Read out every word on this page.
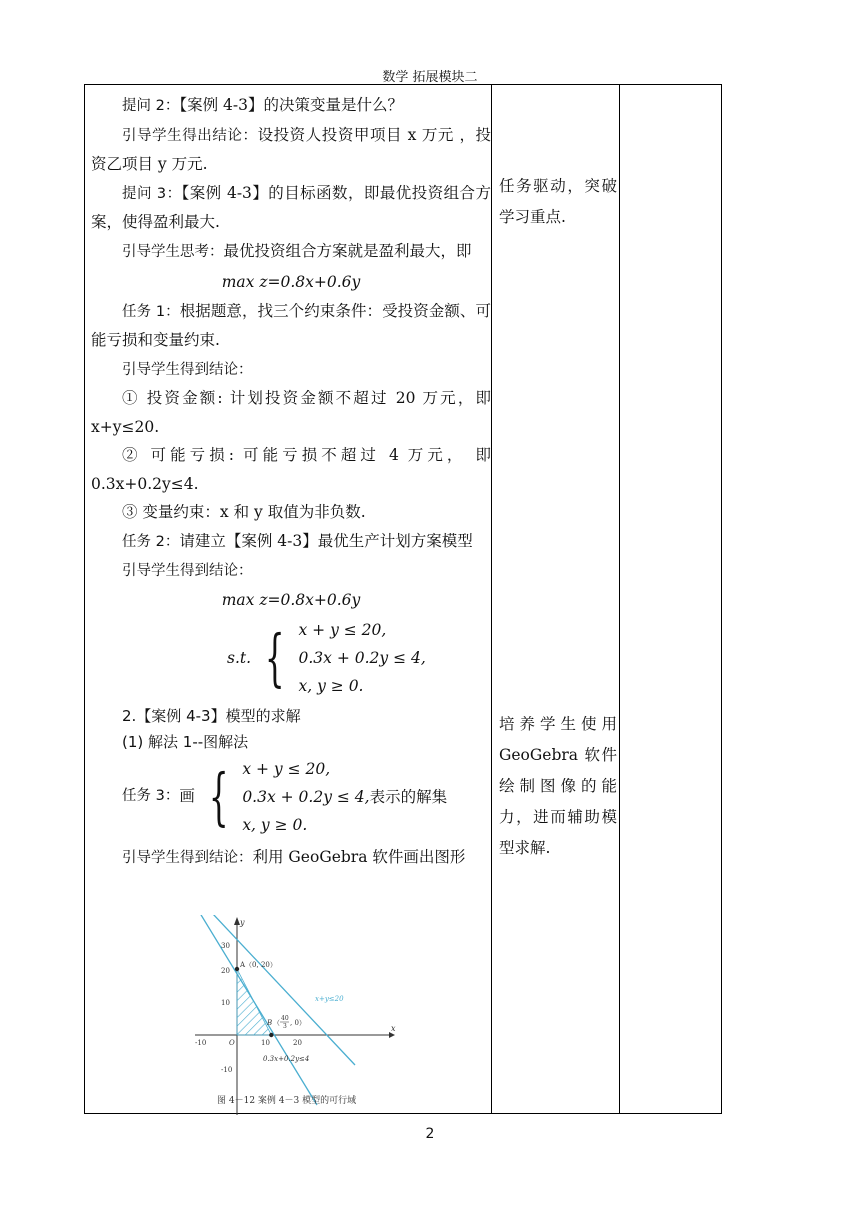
数学 拓展模块二

提问 2：【案例 4-3】的决策变量是什么？

引导学生得出结论：设投资人投资甲项目 x 万元 ，投资乙项目 y 万元.

提问 3：【案例 4-3】的目标函数，即最优投资组合方案，使得盈利最大.

引导学生思考：最优投资组合方案就是盈利最大，即

max z=0.8x+0.6y

任务 1：根据题意，找三个约束条件：受投资金额、可能亏损和变量约束.

引导学生得到结论：

① 投资金额: 计划投资金额不超过 20 万元，即 x+y≤20.

② 可能亏损: 可能亏损不超过 4 万元， 即 0.3x+0.2y≤4.

③ 变量约束：x 和 y 取值为非负数.

任务 2：请建立【案例 4-3】最优生产计划方案模型

引导学生得到结论：

max z=0.8x+0.6y

s.t. { x + y ≤ 20,
0.3x + 0.2y ≤ 4,
x, y ≥ 0.

2.【案例 4-3】模型的求解

(1) 解法 1--图解法

任务 3： 画 { x + y ≤ 20,
0.3x + 0.2y ≤ 4,表示的解集
x, y ≥ 0.

引导学生得到结论：利用 GeoGebra 软件画出图形

任务驱动，突破学习重点.
培养学生使用 GeoGebra 软件绘制图像的能力，进而辅助模型求解.
y
x
O
30
20
10
-10
-10	10	20
A（0, 20）
x+y≤20
B （
40
3 , 0）
0.3x+0.2y≤4
图 4－12 案例 4－3 模型的可行域
2
